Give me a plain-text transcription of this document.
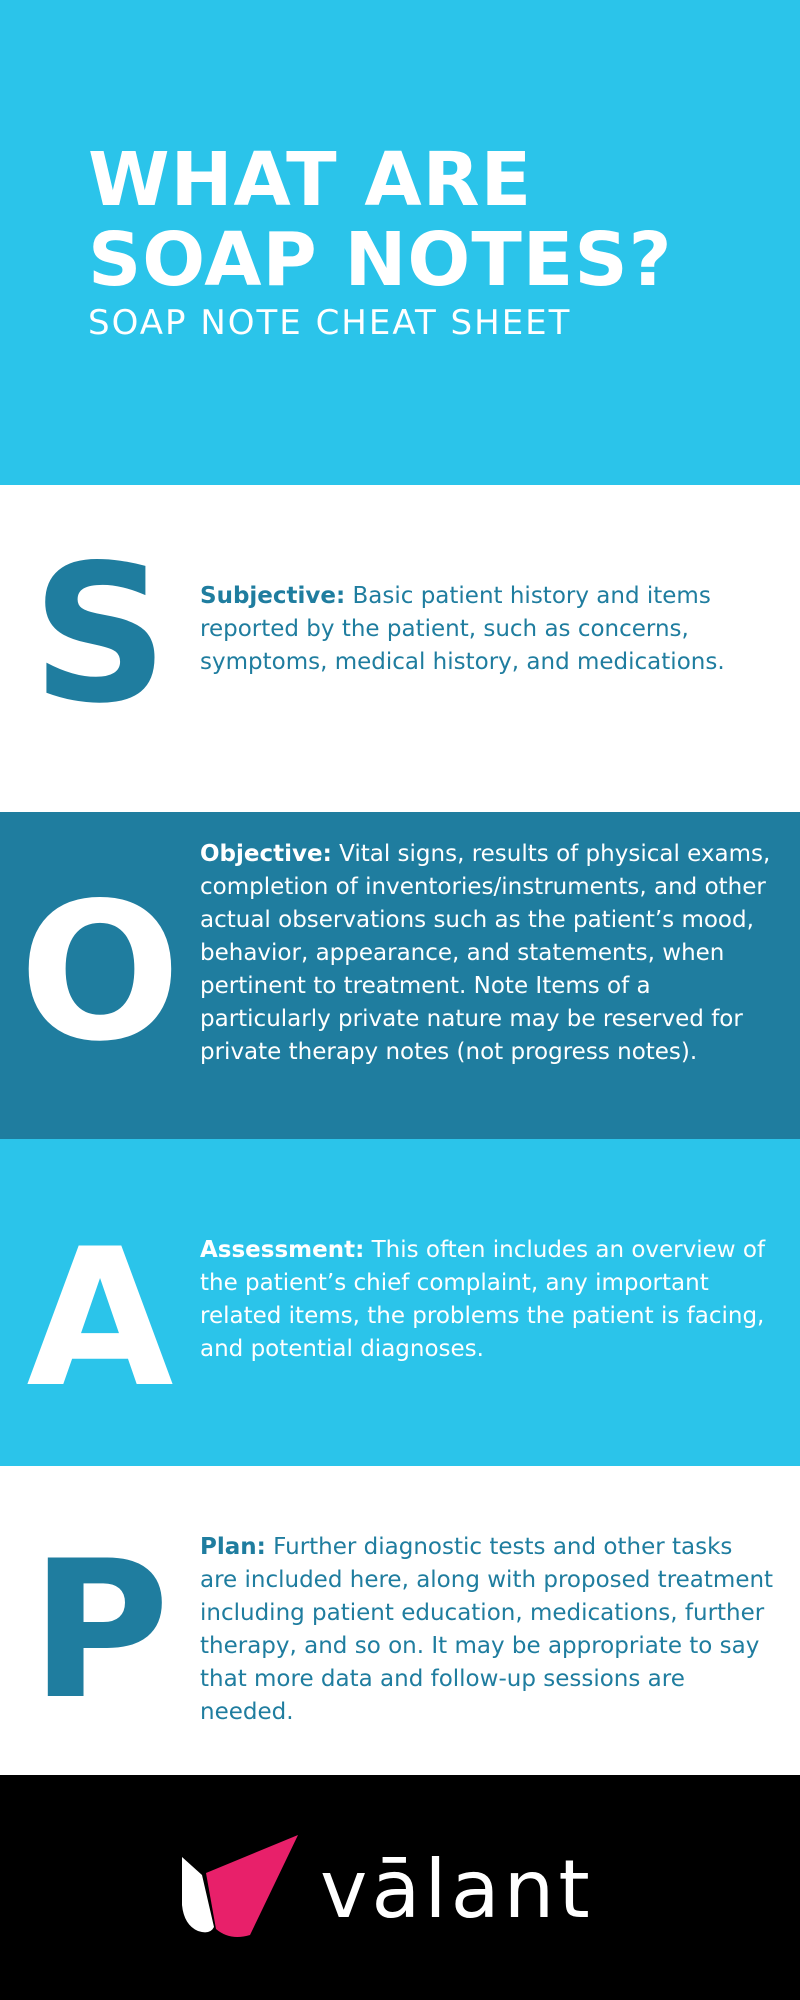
WHAT ARE SOAP NOTES?
SOAP NOTE CHEAT SHEET
S	Subjective: Basic patient history and items reported by the patient, such as concerns, symptoms, medical history, and medications.

O

Objective: Vital signs, results of physical exams, completion of inventories/instruments, and other actual observations such as the patient’s mood, behavior, appearance, and statements, when pertinent to treatment. Note Items of a particularly private nature may be reserved for private therapy notes (not progress notes).

A	Assessment: This often includes an overview of the patient’s chief complaint, any important related items, the problems the patient is facing, and potential diagnoses.

P	Plan: Further diagnostic tests and other tasks are included here, along with proposed treatment including patient education, medications, further therapy, and so on. It may be appropriate to say that more data and follow-up sessions are needed.

vālant
